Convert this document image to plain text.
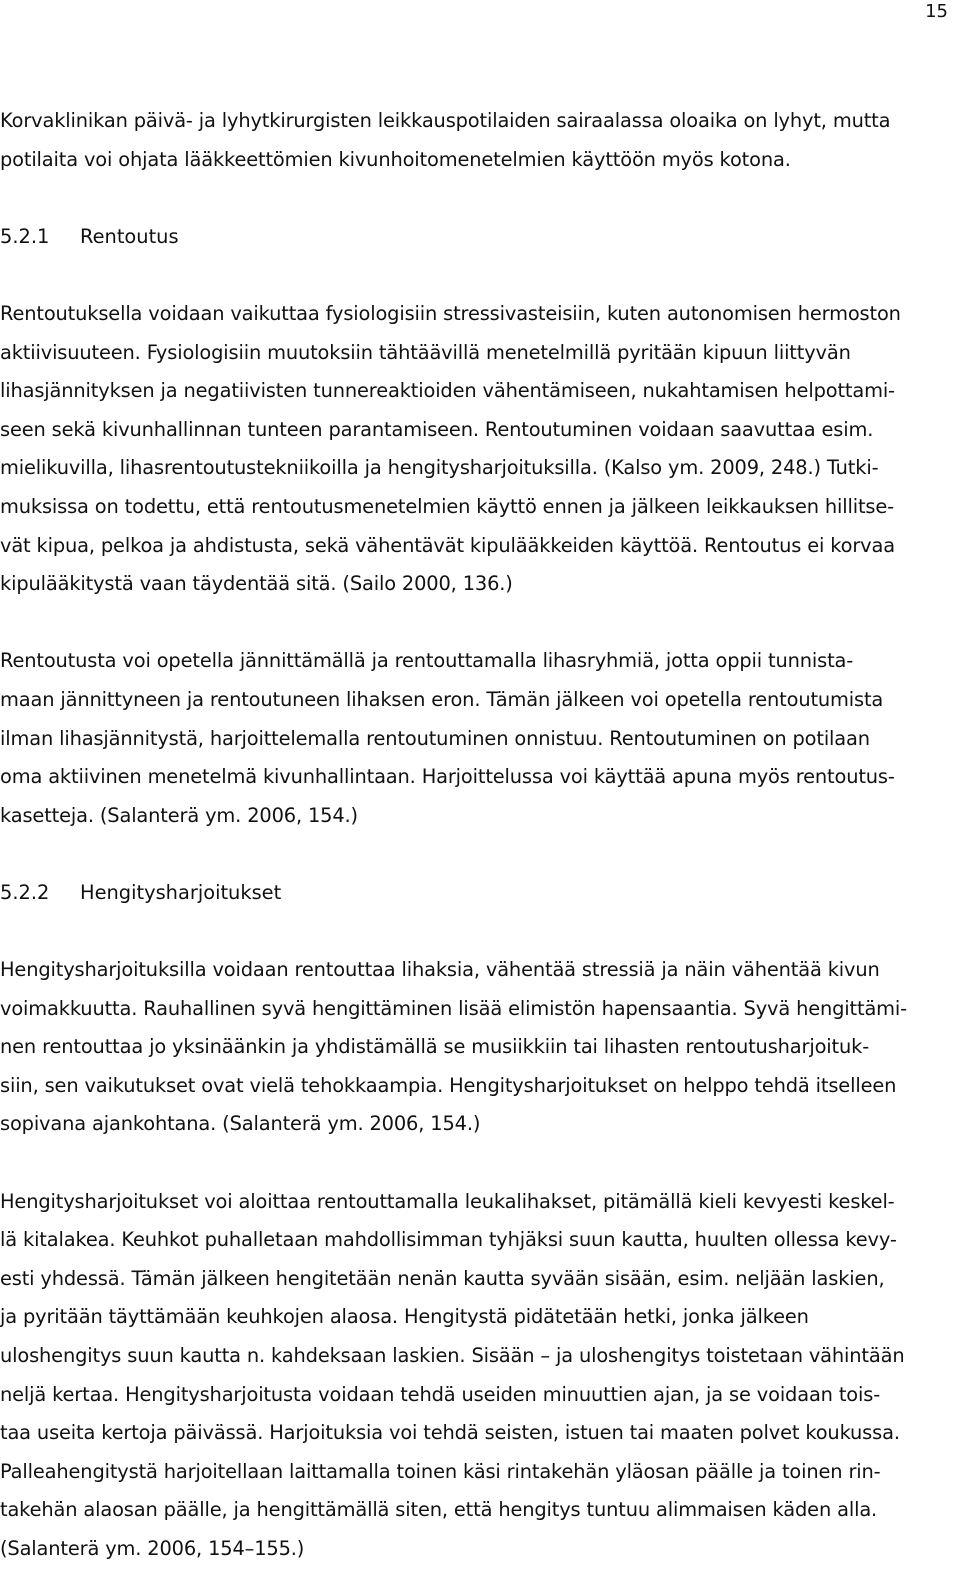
15
Korvaklinikan päivä- ja lyhytkirurgisten leikkauspotilaiden sairaalassa oloaika on lyhyt, mutta
potilaita voi ohjata lääkkeettömien kivunhoitomenetelmien käyttöön myös kotona.
5.2.1	Rentoutus
Rentoutuksella voidaan vaikuttaa fysiologisiin stressivasteisiin, kuten autonomisen hermoston
aktiivisuuteen. Fysiologisiin muutoksiin tähtäävillä menetelmillä pyritään kipuun liittyvän
lihasjännityksen ja negatiivisten tunnereaktioiden vähentämiseen, nukahtamisen helpottami-
seen sekä kivunhallinnan tunteen parantamiseen. Rentoutuminen voidaan saavuttaa esim.
mielikuvilla, lihasrentoutustekniikoilla ja hengitysharjoituksilla. (Kalso ym. 2009, 248.) Tutki-
muksissa on todettu, että rentoutusmenetelmien käyttö ennen ja jälkeen leikkauksen hillitse-
vät kipua, pelkoa ja ahdistusta, sekä vähentävät kipulääkkeiden käyttöä. Rentoutus ei korvaa
kipulääkitystä vaan täydentää sitä. (Sailo 2000, 136.)
Rentoutusta voi opetella jännittämällä ja rentouttamalla lihasryhmiä, jotta oppii tunnista-
maan jännittyneen ja rentoutuneen lihaksen eron. Tämän jälkeen voi opetella rentoutumista
ilman lihasjännitystä, harjoittelemalla rentoutuminen onnistuu. Rentoutuminen on potilaan
oma aktiivinen menetelmä kivunhallintaan. Harjoittelussa voi käyttää apuna myös rentoutus-
kasetteja. (Salanterä ym. 2006, 154.)
5.2.2	Hengitysharjoitukset
Hengitysharjoituksilla voidaan rentouttaa lihaksia, vähentää stressiä ja näin vähentää kivun
voimakkuutta. Rauhallinen syvä hengittäminen lisää elimistön hapensaantia. Syvä hengittämi-
nen rentouttaa jo yksinäänkin ja yhdistämällä se musiikkiin tai lihasten rentoutusharjoituk-
siin, sen vaikutukset ovat vielä tehokkaampia. Hengitysharjoitukset on helppo tehdä itselleen
sopivana ajankohtana. (Salanterä ym. 2006, 154.)
Hengitysharjoitukset voi aloittaa rentouttamalla leukalihakset, pitämällä kieli kevyesti keskel-
lä kitalakea. Keuhkot puhalletaan mahdollisimman tyhjäksi suun kautta, huulten ollessa kevy-
esti yhdessä. Tämän jälkeen hengitetään nenän kautta syvään sisään, esim. neljään laskien,
ja pyritään täyttämään keuhkojen alaosa. Hengitystä pidätetään hetki, jonka jälkeen
uloshengitys suun kautta n. kahdeksaan laskien. Sisään – ja uloshengitys toistetaan vähintään
neljä kertaa. Hengitysharjoitusta voidaan tehdä useiden minuuttien ajan, ja se voidaan tois-
taa useita kertoja päivässä. Harjoituksia voi tehdä seisten, istuen tai maaten polvet koukussa.
Palleahengitystä harjoitellaan laittamalla toinen käsi rintakehän yläosan päälle ja toinen rin-
takehän alaosan päälle, ja hengittämällä siten, että hengitys tuntuu alimmaisen käden alla.
(Salanterä ym. 2006, 154–155.)
